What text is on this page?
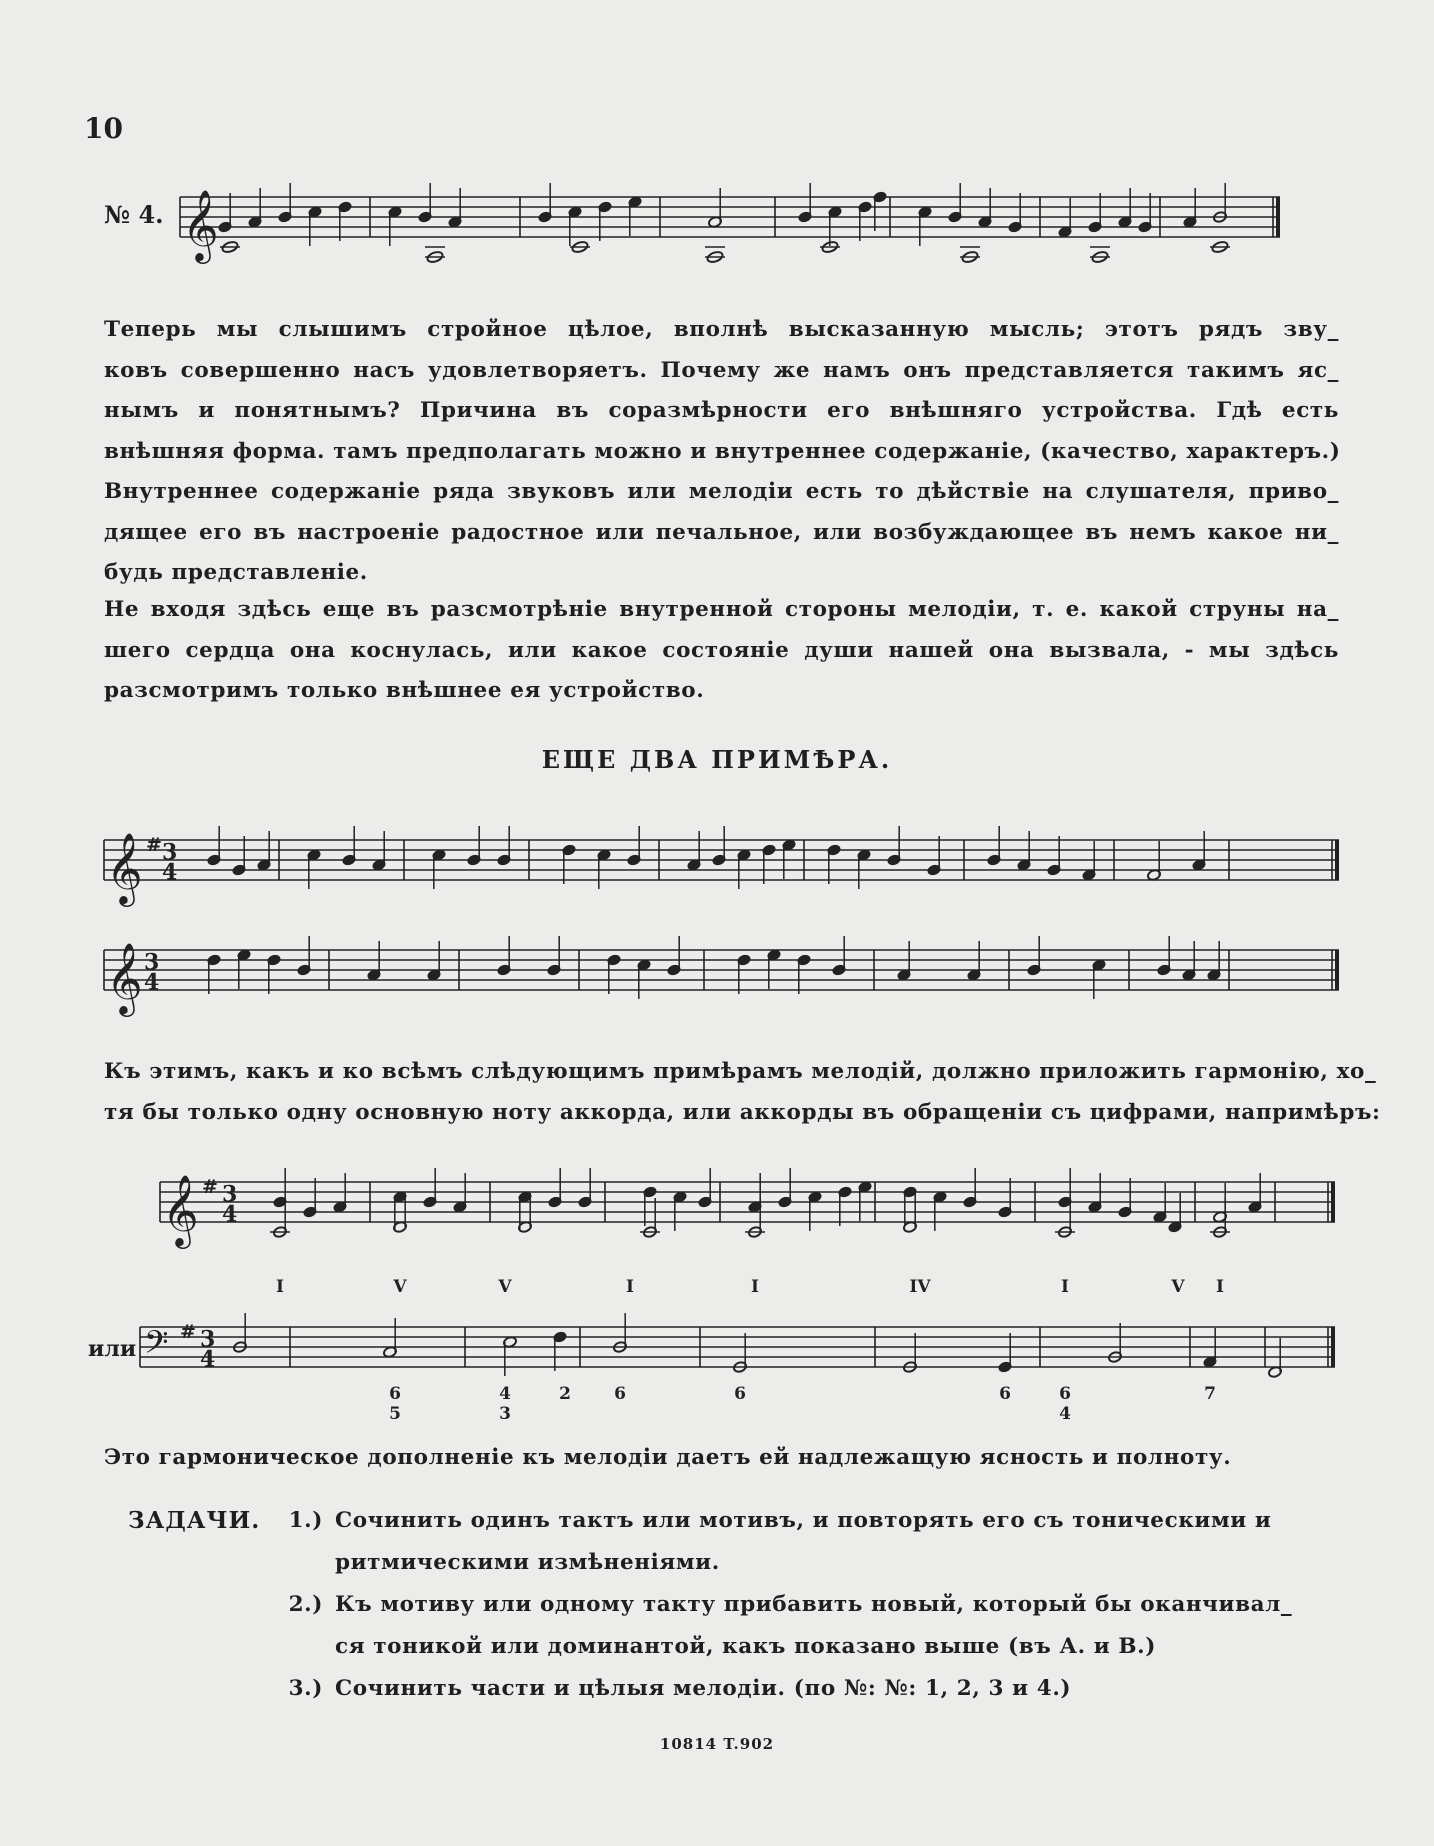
10
№ 4. 𝄞
Теперь мы слышимъ стройное цѣлое, вполнѣ высказанную мысль; этотъ рядъ зву_
ковъ совершенно насъ удовлетворяетъ. Почему же намъ онъ представляется такимъ яс_
нымъ и понятнымъ? Причина въ соразмѣрности его внѣшняго устройства. Гдѣ есть
внѣшняя форма. тамъ предполагать можно и внутреннее содержаніе, (качество, характеръ.)
Внутреннее содержаніе ряда звуковъ или мелодіи есть то дѣйствіе на слушателя, приво_
дящее его въ настроеніе радостное или печальное, или возбуждающее въ немъ какое ни_
будь представленіе.
Не входя здѣсь еще въ разсмотрѣніе внутренной стороны мелодіи, т. е. какой струны на_
шего сердца она коснулась, или какое состояніе души нашей она вызвала, - мы здѣсь
разсмотримъ только внѣшнее ея устройство.
ЕЩЕ ДВА ПРИМѢРА.
𝄞 # 3
4
𝄞 3
4
Къ этимъ, какъ и ко всѣмъ слѣдующимъ примѣрамъ мелодій, должно приложить гармонію, хо_
тя бы только одну основную ноту аккорда, или аккорды въ обращеніи съ цифрами, напримѣръ:
𝄞 # 3
4
I	V	V	I	I	IV	I	V I
или 𝄢 # 3
4
6
5
4
3
2	6	6	6	6
4
7
Это гармоническое дополненіе къ мелодіи даетъ ей надлежащую ясность и полноту.
ЗАДАЧИ.	1.) Сочинить одинъ тактъ или мотивъ, и повторять его съ тоническими и
ритмическими измѣненіями.
2.) Къ мотиву или одному такту прибавить новый, который бы оканчивал_
ся тоникой или доминантой, какъ показано выше (въ А. и В.)
3.) Сочинить части и цѣлыя мелодіи. (по №: №: 1, 2, 3 и 4.)
10814 T.902
